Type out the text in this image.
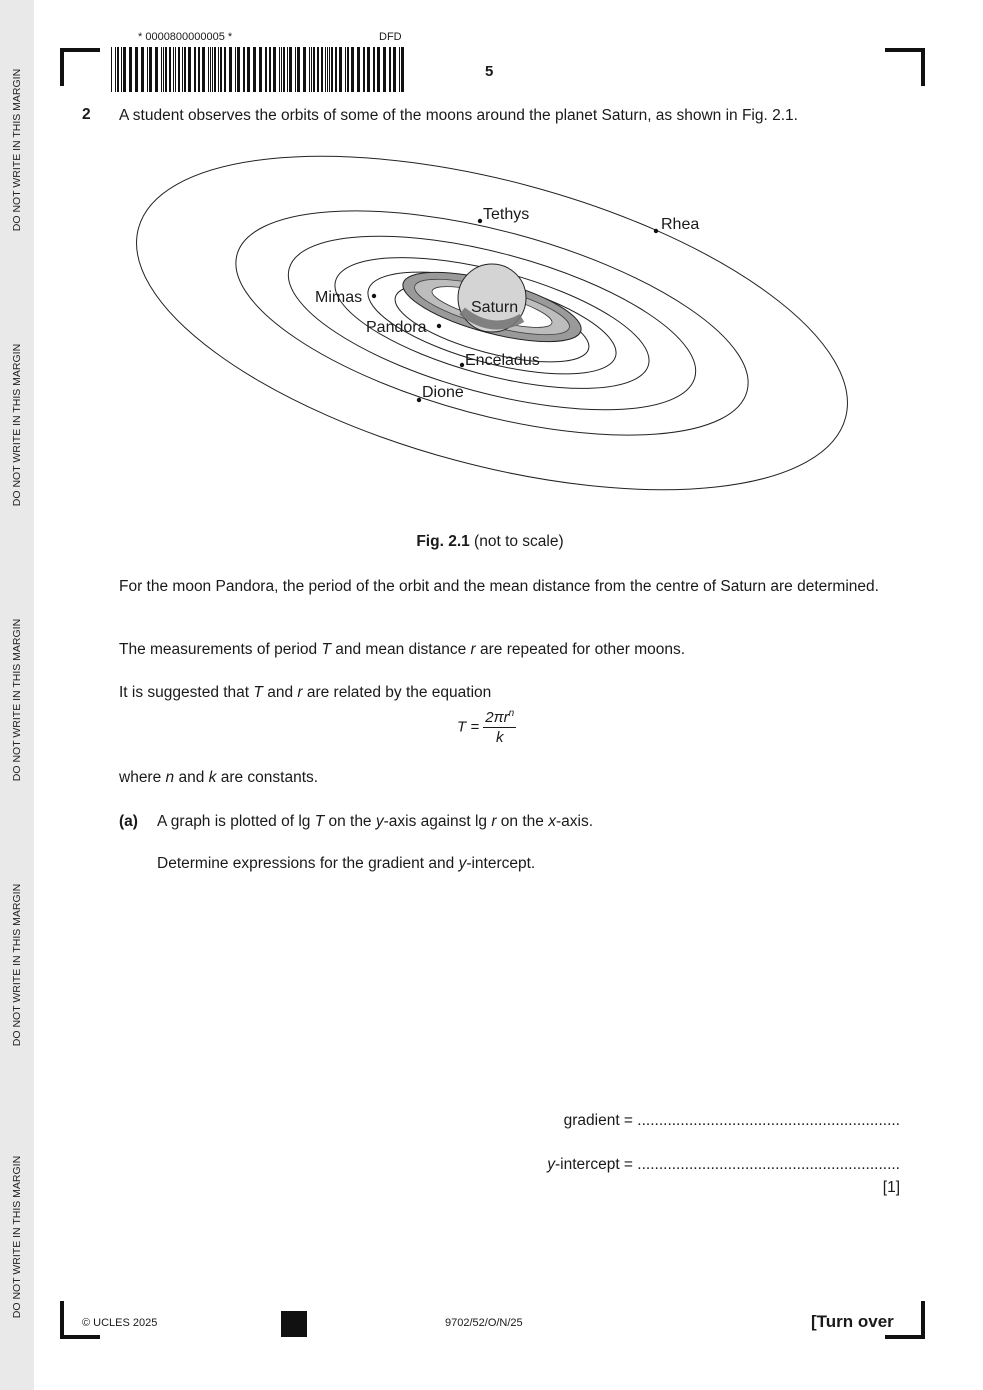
DO NOT WRITE IN THIS MARGIN
DO NOT WRITE IN THIS MARGIN
DO NOT WRITE IN THIS MARGIN
DO NOT WRITE IN THIS MARGIN
DO NOT WRITE IN THIS MARGIN
* 0000800000005 *	DFD
5
2 A student observes the orbits of some of the moons around the planet Saturn, as shown in Fig. 2.1.
Tethys
Rhea
Mimas
Saturn
Pandora
Enceladus
Dione
Fig. 2.1 (not to scale)
For the moon Pandora, the period of the orbit and the mean distance from the centre of Saturn are determined.
The measurements of period T and mean distance r are repeated for other moons.
It is suggested that T and r are related by the equation
$T = \frac{2\pi r^n}{k}$
where n and k are constants.
(a) A graph is plotted of lg T on the y-axis against lg r on the x-axis.
Determine expressions for the gradient and y-intercept.
gradient = .............................................................
y-intercept = .............................................................
[1]
© UCLES 2025	9702/52/O/N/25	[Turn over
